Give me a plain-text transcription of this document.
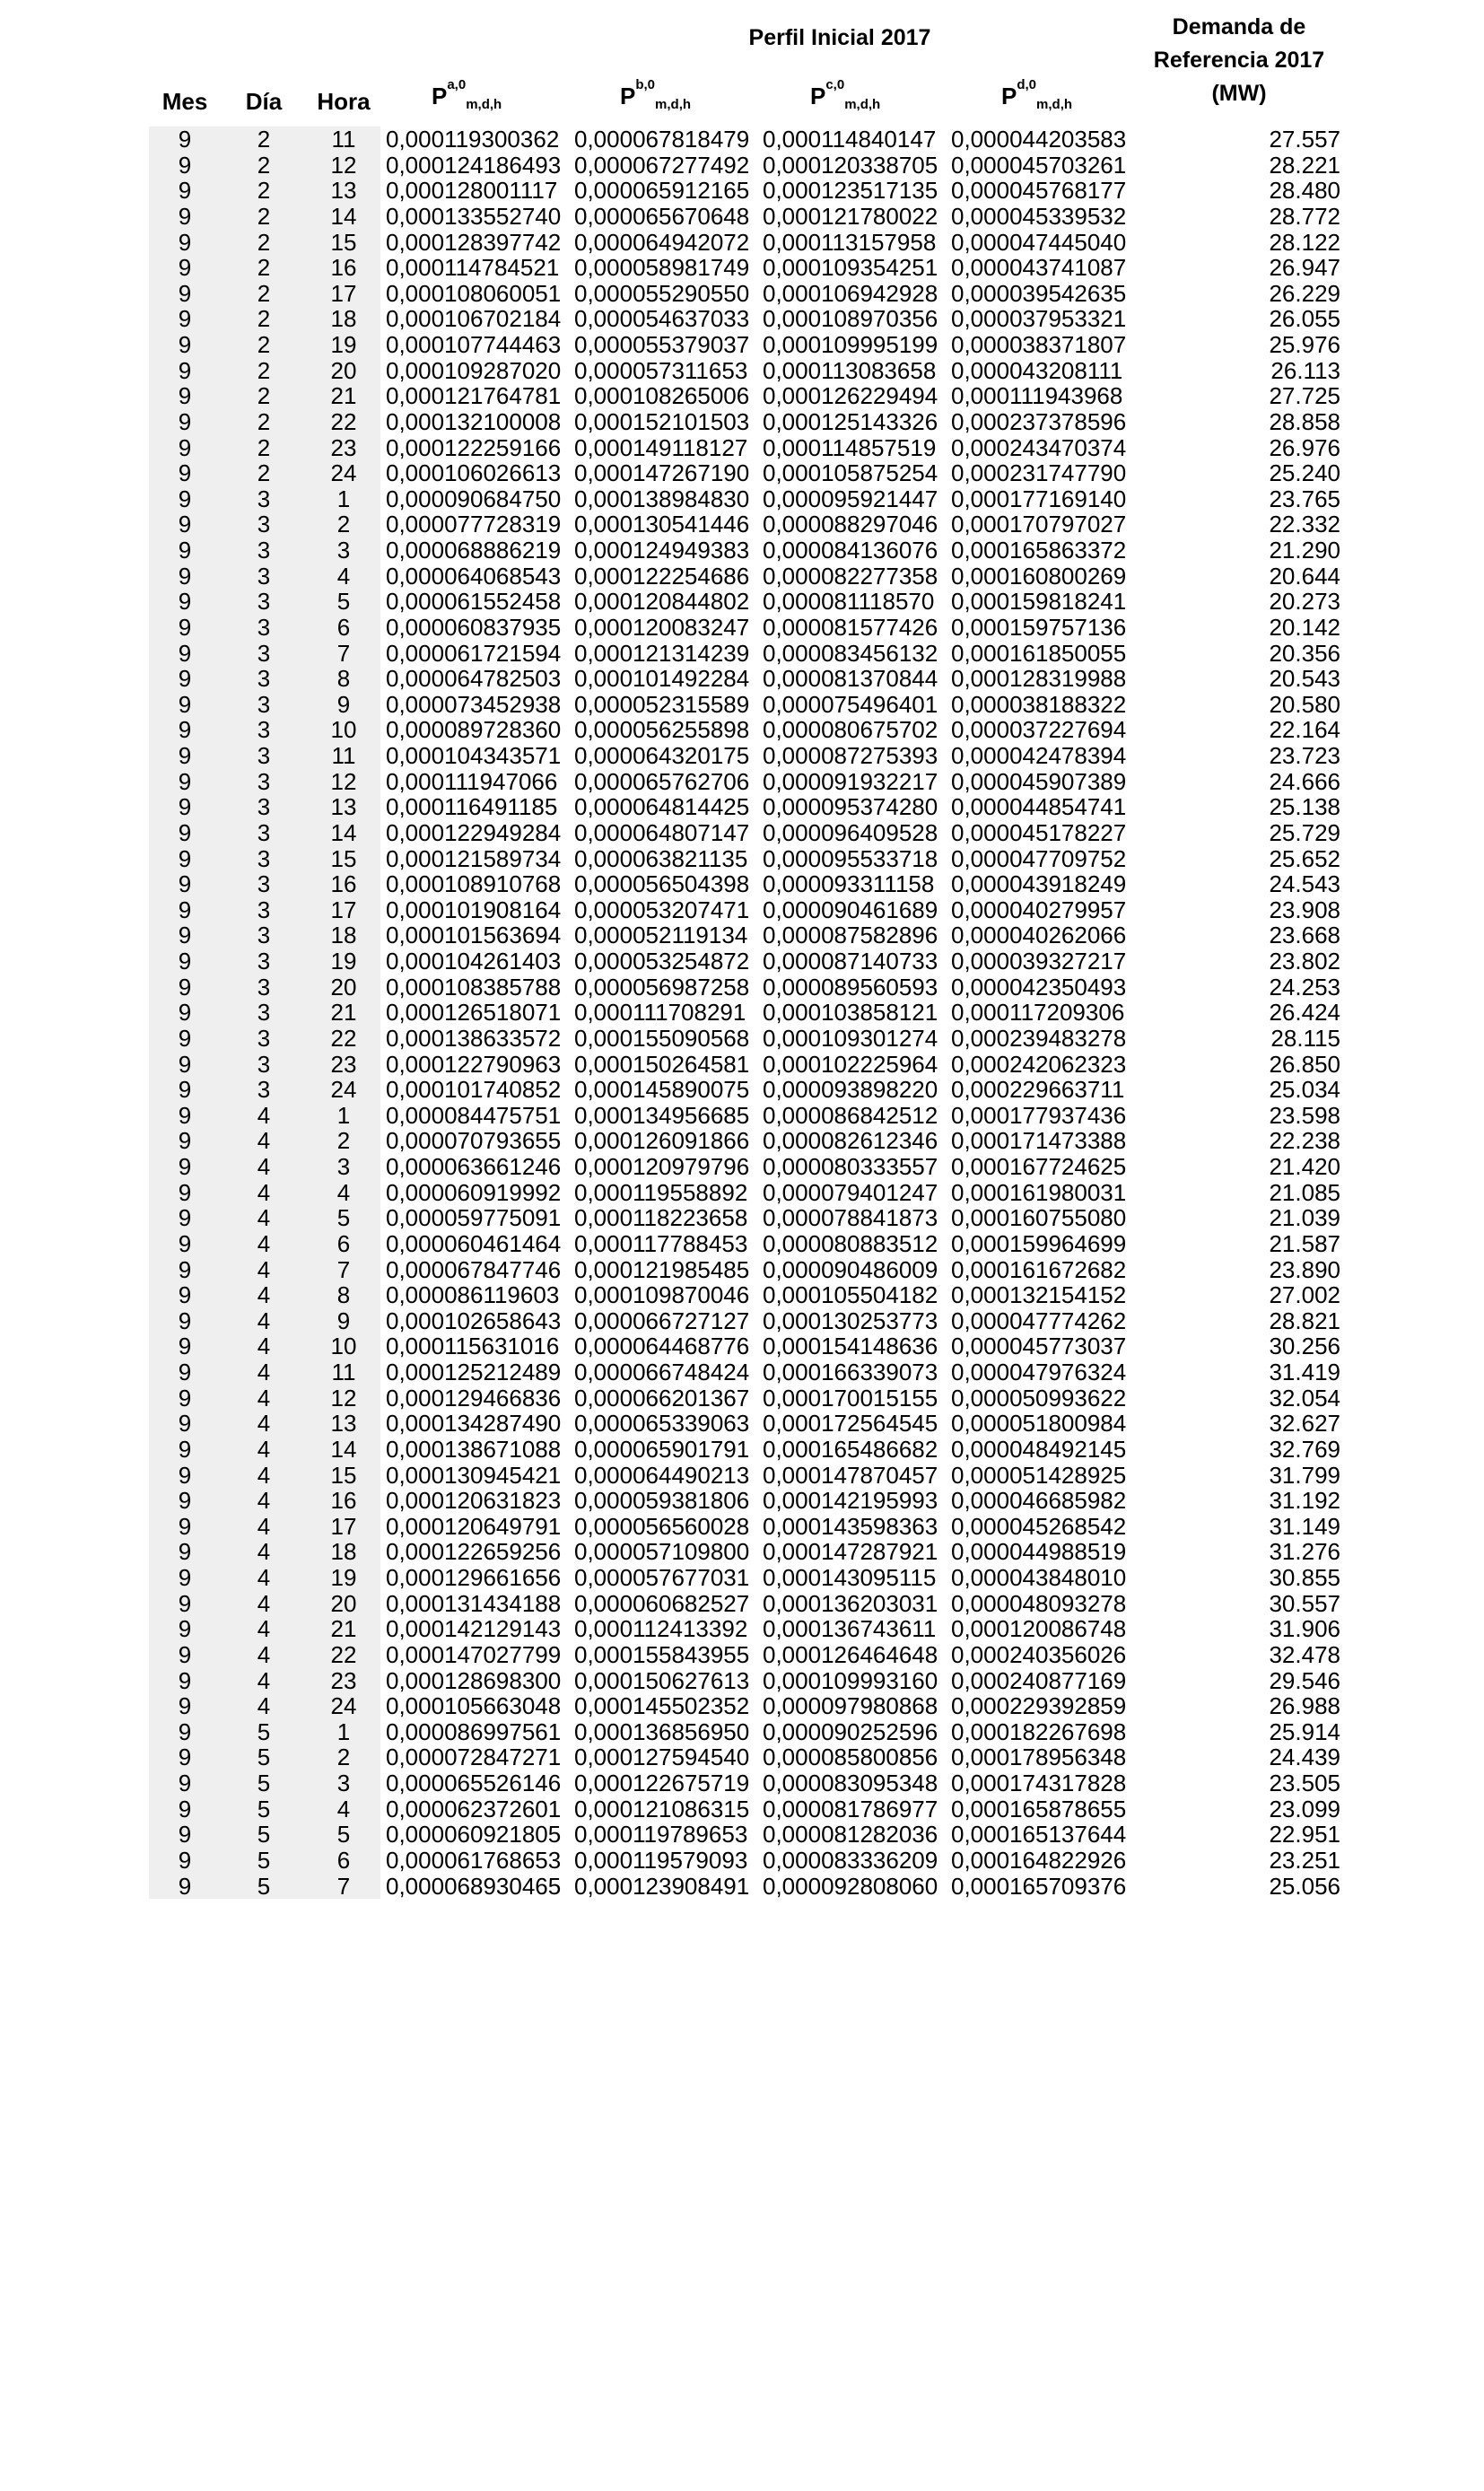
Perfil Inicial 2017	Demanda de
Referencia 2017
(MW)
Mes	Día	Hora	P$^{a,0}_{m,d,h}$	P$^{b,0}_{m,d,h}$	P$^{c,0}_{m,d,h}$	P$^{d,0}_{m,d,h}$
9	2	11	0,000119300362	0,000067818479	0,000114840147	0,000044203583	27.557
9	2	12	0,000124186493	0,000067277492	0,000120338705	0,000045703261	28.221
9	2	13	0,000128001117	0,000065912165	0,000123517135	0,000045768177	28.480
9	2	14	0,000133552740	0,000065670648	0,000121780022	0,000045339532	28.772
9	2	15	0,000128397742	0,000064942072	0,000113157958	0,000047445040	28.122
9	2	16	0,000114784521	0,000058981749	0,000109354251	0,000043741087	26.947
9	2	17	0,000108060051	0,000055290550	0,000106942928	0,000039542635	26.229
9	2	18	0,000106702184	0,000054637033	0,000108970356	0,000037953321	26.055
9	2	19	0,000107744463	0,000055379037	0,000109995199	0,000038371807	25.976
9	2	20	0,000109287020	0,000057311653	0,000113083658	0,000043208111	26.113
9	2	21	0,000121764781	0,000108265006	0,000126229494	0,000111943968	27.725
9	2	22	0,000132100008	0,000152101503	0,000125143326	0,000237378596	28.858
9	2	23	0,000122259166	0,000149118127	0,000114857519	0,000243470374	26.976
9	2	24	0,000106026613	0,000147267190	0,000105875254	0,000231747790	25.240
9	3	1	0,000090684750	0,000138984830	0,000095921447	0,000177169140	23.765
9	3	2	0,000077728319	0,000130541446	0,000088297046	0,000170797027	22.332
9	3	3	0,000068886219	0,000124949383	0,000084136076	0,000165863372	21.290
9	3	4	0,000064068543	0,000122254686	0,000082277358	0,000160800269	20.644
9	3	5	0,000061552458	0,000120844802	0,000081118570	0,000159818241	20.273
9	3	6	0,000060837935	0,000120083247	0,000081577426	0,000159757136	20.142
9	3	7	0,000061721594	0,000121314239	0,000083456132	0,000161850055	20.356
9	3	8	0,000064782503	0,000101492284	0,000081370844	0,000128319988	20.543
9	3	9	0,000073452938	0,000052315589	0,000075496401	0,000038188322	20.580
9	3	10	0,000089728360	0,000056255898	0,000080675702	0,000037227694	22.164
9	3	11	0,000104343571	0,000064320175	0,000087275393	0,000042478394	23.723
9	3	12	0,000111947066	0,000065762706	0,000091932217	0,000045907389	24.666
9	3	13	0,000116491185	0,000064814425	0,000095374280	0,000044854741	25.138
9	3	14	0,000122949284	0,000064807147	0,000096409528	0,000045178227	25.729
9	3	15	0,000121589734	0,000063821135	0,000095533718	0,000047709752	25.652
9	3	16	0,000108910768	0,000056504398	0,000093311158	0,000043918249	24.543
9	3	17	0,000101908164	0,000053207471	0,000090461689	0,000040279957	23.908
9	3	18	0,000101563694	0,000052119134	0,000087582896	0,000040262066	23.668
9	3	19	0,000104261403	0,000053254872	0,000087140733	0,000039327217	23.802
9	3	20	0,000108385788	0,000056987258	0,000089560593	0,000042350493	24.253
9	3	21	0,000126518071	0,000111708291	0,000103858121	0,000117209306	26.424
9	3	22	0,000138633572	0,000155090568	0,000109301274	0,000239483278	28.115
9	3	23	0,000122790963	0,000150264581	0,000102225964	0,000242062323	26.850
9	3	24	0,000101740852	0,000145890075	0,000093898220	0,000229663711	25.034
9	4	1	0,000084475751	0,000134956685	0,000086842512	0,000177937436	23.598
9	4	2	0,000070793655	0,000126091866	0,000082612346	0,000171473388	22.238
9	4	3	0,000063661246	0,000120979796	0,000080333557	0,000167724625	21.420
9	4	4	0,000060919992	0,000119558892	0,000079401247	0,000161980031	21.085
9	4	5	0,000059775091	0,000118223658	0,000078841873	0,000160755080	21.039
9	4	6	0,000060461464	0,000117788453	0,000080883512	0,000159964699	21.587
9	4	7	0,000067847746	0,000121985485	0,000090486009	0,000161672682	23.890
9	4	8	0,000086119603	0,000109870046	0,000105504182	0,000132154152	27.002
9	4	9	0,000102658643	0,000066727127	0,000130253773	0,000047774262	28.821
9	4	10	0,000115631016	0,000064468776	0,000154148636	0,000045773037	30.256
9	4	11	0,000125212489	0,000066748424	0,000166339073	0,000047976324	31.419
9	4	12	0,000129466836	0,000066201367	0,000170015155	0,000050993622	32.054
9	4	13	0,000134287490	0,000065339063	0,000172564545	0,000051800984	32.627
9	4	14	0,000138671088	0,000065901791	0,000165486682	0,000048492145	32.769
9	4	15	0,000130945421	0,000064490213	0,000147870457	0,000051428925	31.799
9	4	16	0,000120631823	0,000059381806	0,000142195993	0,000046685982	31.192
9	4	17	0,000120649791	0,000056560028	0,000143598363	0,000045268542	31.149
9	4	18	0,000122659256	0,000057109800	0,000147287921	0,000044988519	31.276
9	4	19	0,000129661656	0,000057677031	0,000143095115	0,000043848010	30.855
9	4	20	0,000131434188	0,000060682527	0,000136203031	0,000048093278	30.557
9	4	21	0,000142129143	0,000112413392	0,000136743611	0,000120086748	31.906
9	4	22	0,000147027799	0,000155843955	0,000126464648	0,000240356026	32.478
9	4	23	0,000128698300	0,000150627613	0,000109993160	0,000240877169	29.546
9	4	24	0,000105663048	0,000145502352	0,000097980868	0,000229392859	26.988
9	5	1	0,000086997561	0,000136856950	0,000090252596	0,000182267698	25.914
9	5	2	0,000072847271	0,000127594540	0,000085800856	0,000178956348	24.439
9	5	3	0,000065526146	0,000122675719	0,000083095348	0,000174317828	23.505
9	5	4	0,000062372601	0,000121086315	0,000081786977	0,000165878655	23.099
9	5	5	0,000060921805	0,000119789653	0,000081282036	0,000165137644	22.951
9	5	6	0,000061768653	0,000119579093	0,000083336209	0,000164822926	23.251
9	5	7	0,000068930465	0,000123908491	0,000092808060	0,000165709376	25.056
